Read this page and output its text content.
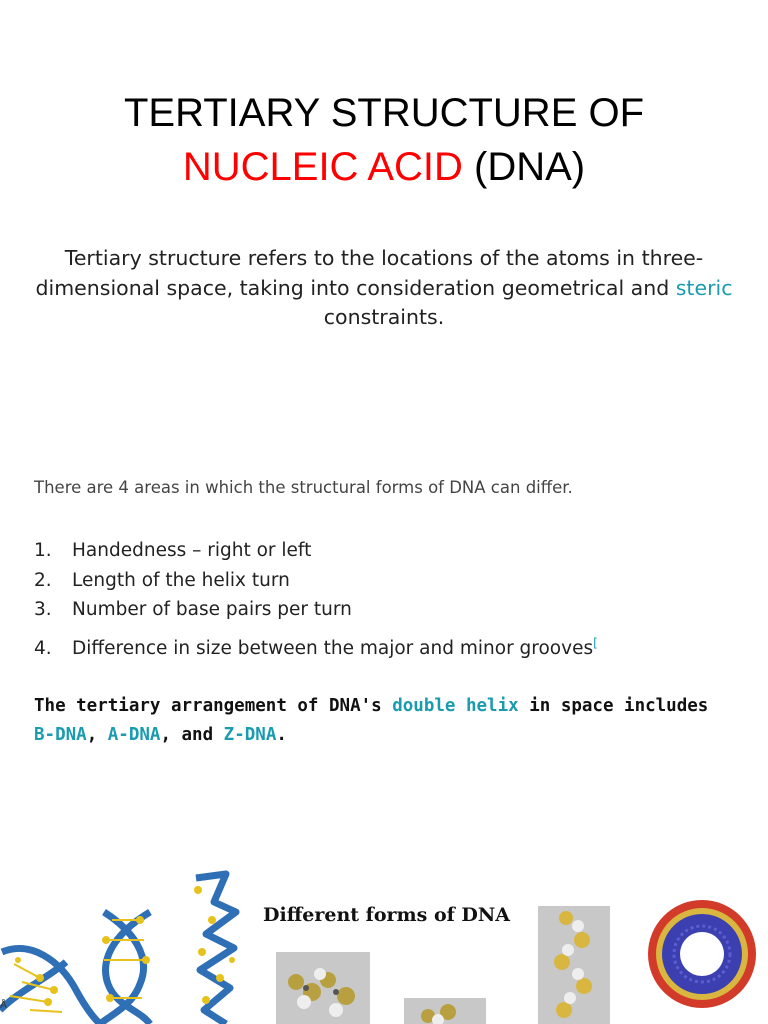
TERTIARY STRUCTURE OF
NUCLEIC ACID (DNA)

Tertiary structure refers to the locations of the atoms in three-dimensional space, taking into consideration geometrical and steric constraints.

There are 4 areas in which the structural forms of DNA can differ.

1. Handedness – right or left
2. Length of the helix turn
3. Number of base pairs per turn
4. Difference in size between the major and minor grooves[

The tertiary arrangement of DNA's double helix in space includes B-DNA, A-DNA, and Z-DNA.

Å
Different forms of DNA
